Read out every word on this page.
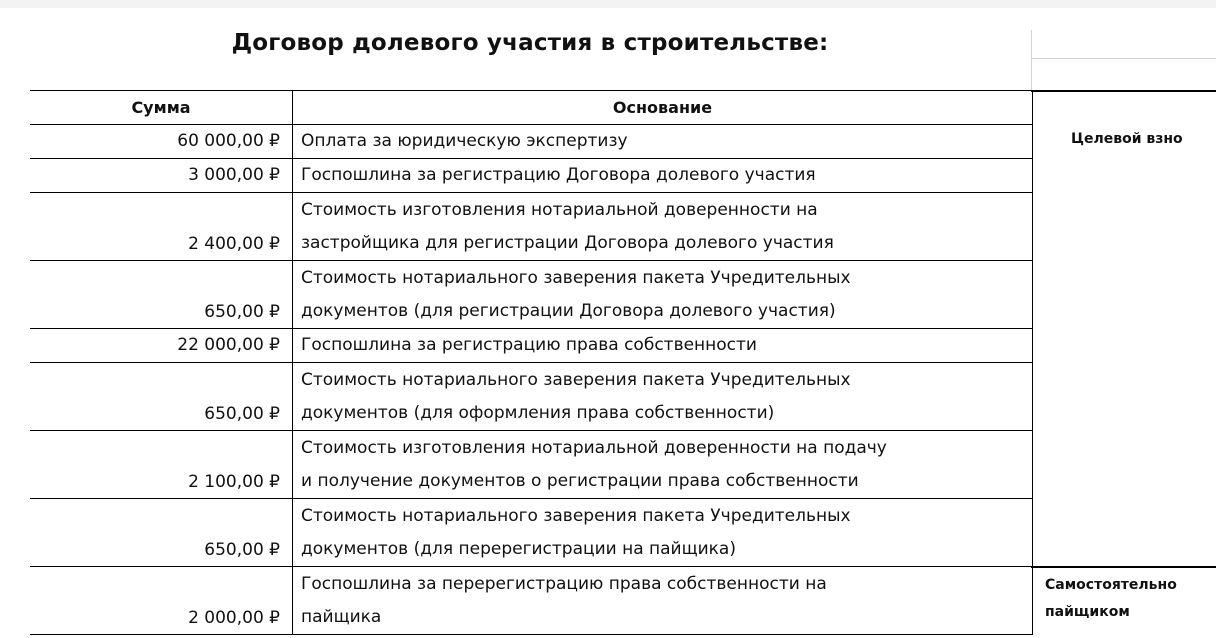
Договор долевого участия в строительстве:
Сумма	Основание
60 000,00 ₽	Оплата за юридическую экспертизу
3 000,00 ₽	Госпошлина за регистрацию Договора долевого участия
2 400,00 ₽	Стоимость изготовления нотариальной доверенности на
застройщика для регистрации Договора долевого участия

650,00 ₽	Стоимость нотариального заверения пакета Учредительных
документов (для регистрации Договора долевого участия)

22 000,00 ₽	Госпошлина за регистрацию права собственности
650,00 ₽	Стоимость нотариального заверения пакета Учредительных
документов (для оформления права собственности)

2 100,00 ₽	Стоимость изготовления нотариальной доверенности на подачу
и получение документов о регистрации права собственности

650,00 ₽	Стоимость нотариального заверения пакета Учредительных
документов (для перерегистрации на пайщика)

2 000,00 ₽	Госпошлина за перерегистрацию права собственности на
пайщика
Целевой взно
Самостоятельно
пайщиком
